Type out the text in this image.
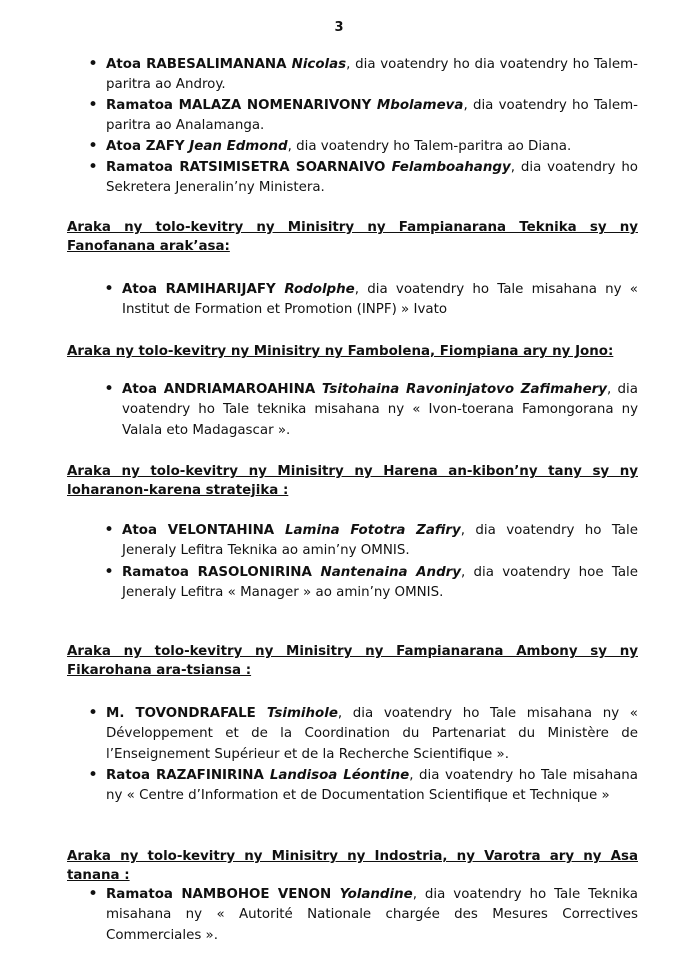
3
• Atoa RABESALIMANANA Nicolas, dia voatendry ho dia voatendry ho Talem-paritra ao Androy.
• Ramatoa MALAZA NOMENARIVONY Mbolameva, dia voatendry ho Talem-paritra ao Analamanga.
• Atoa ZAFY Jean Edmond, dia voatendry ho Talem-paritra ao Diana.
• Ramatoa RATSIMISETRA SOARNAIVO Felamboahangy, dia voatendry ho Sekretera Jeneralin’ny Ministera.
Araka ny tolo-kevitry ny Minisitry ny Fampianarana Teknika sy ny Fanofanana arak’asa:
• Atoa RAMIHARIJAFY Rodolphe, dia voatendry ho Tale misahana ny « Institut de Formation et Promotion (INPF) » Ivato
Araka ny tolo-kevitry ny Minisitry ny Fambolena, Fiompiana ary ny Jono:
• Atoa ANDRIAMAROAHINA Tsitohaina Ravoninjatovo Zafimahery, dia voatendry ho Tale teknika misahana ny « Ivon-toerana Famongorana ny Valala eto Madagascar ».
Araka ny tolo-kevitry ny Minisitry ny Harena an-kibon’ny tany sy ny loharanon-karena stratejika :
• Atoa VELONTAHINA Lamina Fototra Zafiry, dia voatendry ho Tale Jeneraly Lefitra Teknika ao amin’ny OMNIS.
• Ramatoa RASOLONIRINA Nantenaina Andry, dia voatendry hoe Tale Jeneraly Lefitra « Manager » ao amin’ny OMNIS.
Araka ny tolo-kevitry ny Minisitry ny Fampianarana Ambony sy ny Fikarohana ara-tsiansa :
• M. TOVONDRAFALE Tsimihole, dia voatendry ho Tale misahana ny « Développement et de la Coordination du Partenariat du Ministère de l’Enseignement Supérieur et de la Recherche Scientifique ».
• Ratoa RAZAFINIRINA Landisoa Léontine, dia voatendry ho Tale misahana ny « Centre d’Information et de Documentation Scientifique et Technique »
Araka ny tolo-kevitry ny Minisitry ny Indostria, ny Varotra ary ny Asa tanana :
• Ramatoa NAMBOHOE VENON Yolandine, dia voatendry ho Tale Teknika misahana ny « Autorité Nationale chargée des Mesures Correctives Commerciales ».
